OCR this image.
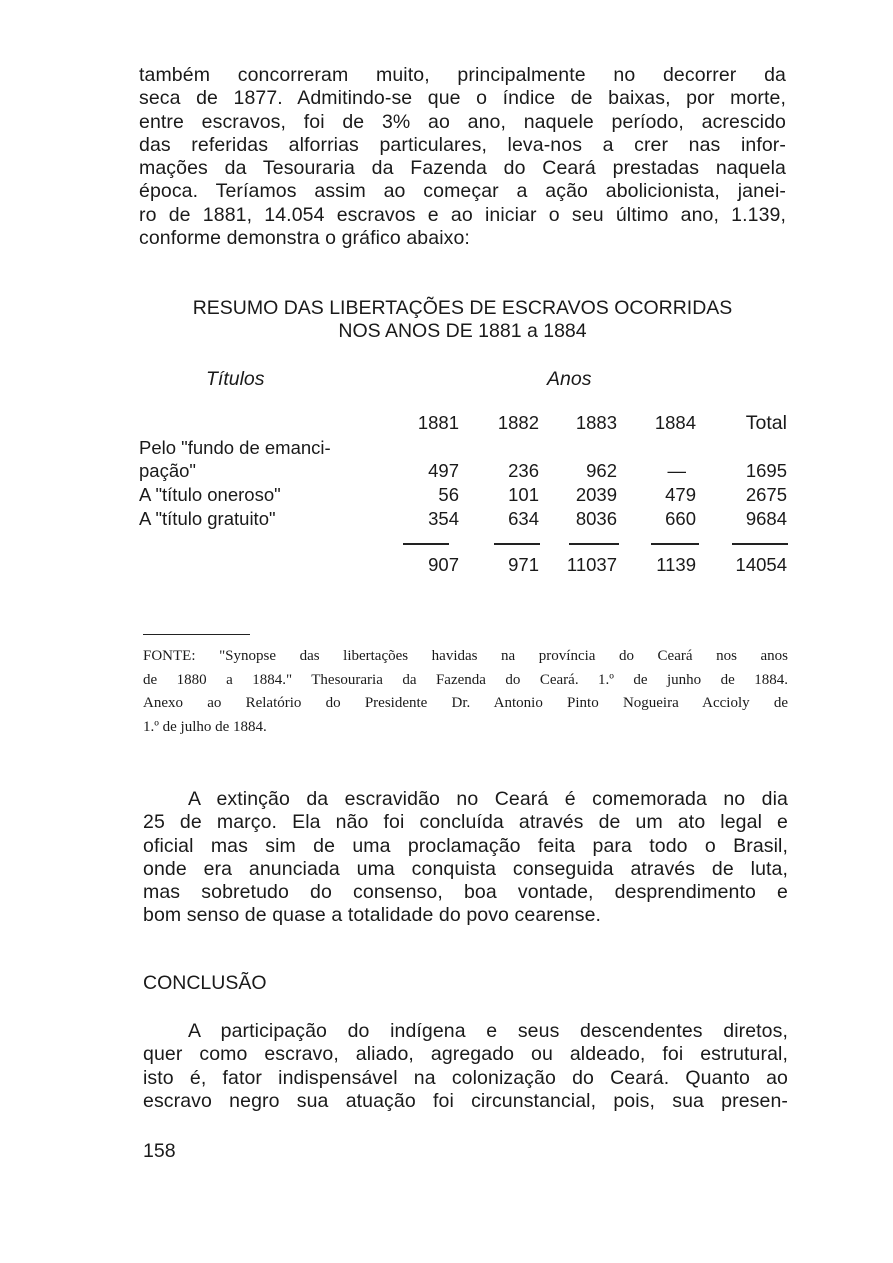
também concorreram muito, principalmente no decorrer da
seca de 1877. Admitindo-se que o índice de baixas, por morte,
entre escravos, foi de 3% ao ano, naquele período, acrescido
das referidas alforrias particulares, leva-nos a crer nas infor-
mações da Tesouraria da Fazenda do Ceará prestadas naquela
época. Teríamos assim ao começar a ação abolicionista, janei-
ro de 1881, 14.054 escravos e ao iniciar o seu último ano, 1.139,
conforme demonstra o gráfico abaixo:
RESUMO DAS LIBERTAÇÕES DE ESCRAVOS OCORRIDAS
NOS ANOS DE 1881 a 1884
Títulos	Anos
1881	1882	1883	1884	Total
Pelo "fundo de emanci-
pação"	497	236	962	—	1695
A "título oneroso"	56	101	2039	479	2675
A "título gratuito"	354	634	8036	660	9684
907	971	11037	1139	14054
FONTE: "Synopse das libertações havidas na província do Ceará nos anos
de 1880 a 1884." Thesouraria da Fazenda do Ceará. 1.º de junho de 1884.
Anexo ao Relatório do Presidente Dr. Antonio Pinto Nogueira Accioly de
1.º de julho de 1884.
A extinção da escravidão no Ceará é comemorada no dia
25 de março. Ela não foi concluída através de um ato legal e
oficial mas sim de uma proclamação feita para todo o Brasil,
onde era anunciada uma conquista conseguida através de luta,
mas sobretudo do consenso, boa vontade, desprendimento e
bom senso de quase a totalidade do povo cearense.
CONCLUSÃO
A participação do indígena e seus descendentes diretos,
quer como escravo, aliado, agregado ou aldeado, foi estrutural,
isto é, fator indispensável na colonização do Ceará. Quanto ao
escravo negro sua atuação foi circunstancial, pois, sua presen-
158
